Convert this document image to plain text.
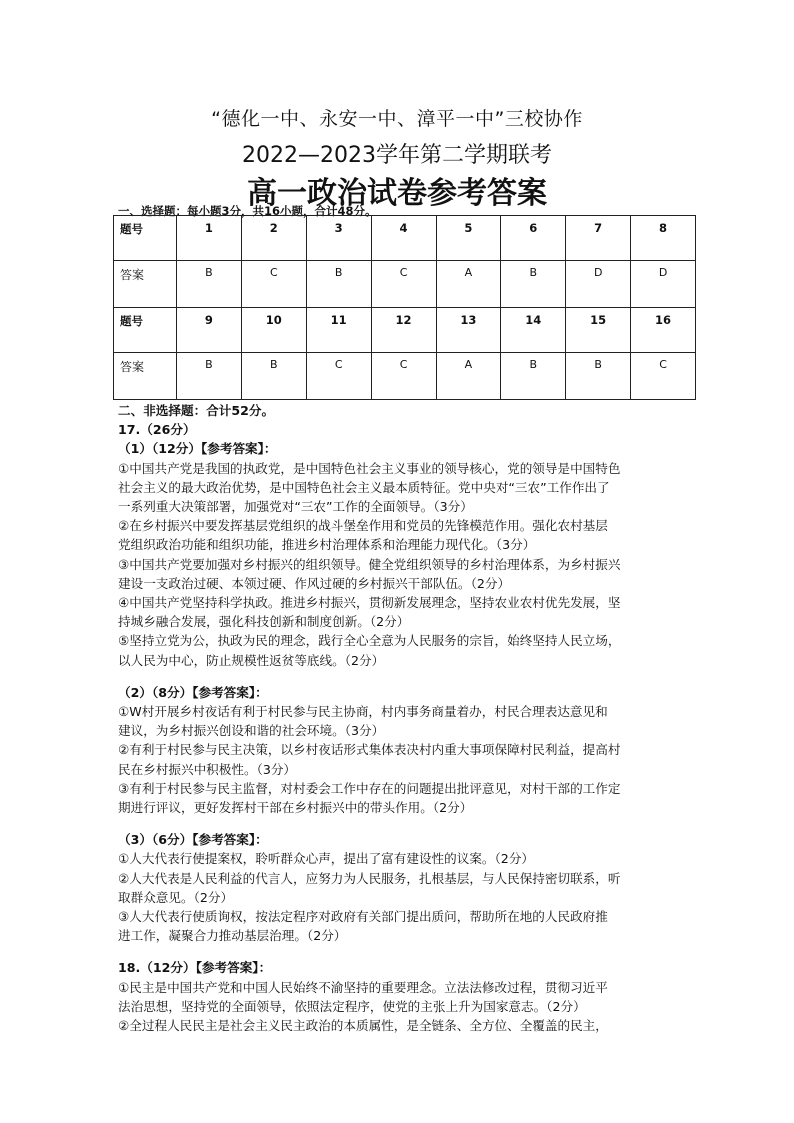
“德化一中、永安一中、漳平一中”三校协作
2022—2023学年第二学期联考
高一政治试卷参考答案
一、选择题：每小题3分，共16小题，合计48分。
题号	1	2	3	4	5	6	7	8
答案	B	C	B	C	A	B	D	D
题号	9	10	11	12	13	14	15	16
答案	B	B	C	C	A	B	B	C

二、非选择题：合计52分。

17.（26分）

（1）（12分）【参考答案】：

①中国共产党是我国的执政党，是中国特色社会主义事业的领导核心，党的领导是中国特色

社会主义的最大政治优势，是中国特色社会主义最本质特征。党中央对“三农”工作作出了

一系列重大决策部署，加强党对“三农”工作的全面领导。（3分）

②在乡村振兴中要发挥基层党组织的战斗堡垒作用和党员的先锋模范作用。强化农村基层

党组织政治功能和组织功能，推进乡村治理体系和治理能力现代化。（3分）

③中国共产党要加强对乡村振兴的组织领导。健全党组织领导的乡村治理体系，为乡村振兴

建设一支政治过硬、本领过硬、作风过硬的乡村振兴干部队伍。（2分）

④中国共产党坚持科学执政。推进乡村振兴，贯彻新发展理念，坚持农业农村优先发展，坚

持城乡融合发展，强化科技创新和制度创新。（2分）

⑤坚持立党为公，执政为民的理念，践行全心全意为人民服务的宗旨，始终坚持人民立场，

以人民为中心，防止规模性返贫等底线。（2分）

（2）（8分）【参考答案】：

①W村开展乡村夜话有利于村民参与民主协商，村内事务商量着办，村民合理表达意见和

建议，为乡村振兴创设和谐的社会环境。（3分）

②有利于村民参与民主决策，以乡村夜话形式集体表决村内重大事项保障村民利益，提高村

民在乡村振兴中积极性。（3分）

③有利于村民参与民主监督，对村委会工作中存在的问题提出批评意见，对村干部的工作定

期进行评议，更好发挥村干部在乡村振兴中的带头作用。（2分）

（3）（6分）【参考答案】：

①人大代表行使提案权，聆听群众心声，提出了富有建设性的议案。（2分）

②人大代表是人民利益的代言人，应努力为人民服务，扎根基层，与人民保持密切联系，听

取群众意见。（2分）

③人大代表行使质询权，按法定程序对政府有关部门提出质问，帮助所在地的人民政府推

进工作，凝聚合力推动基层治理。（2分）

18.（12分）【参考答案】：

①民主是中国共产党和中国人民始终不渝坚持的重要理念。立法法修改过程，贯彻习近平

法治思想，坚持党的全面领导，依照法定程序，使党的主张上升为国家意志。（2分）

②全过程人民民主是社会主义民主政治的本质属性，是全链条、全方位、全覆盖的民主，
